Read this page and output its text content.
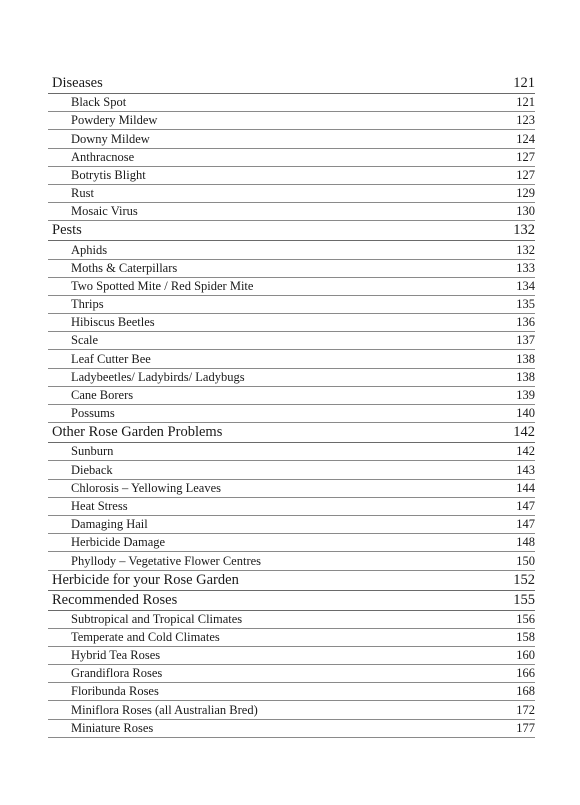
Diseases	121
Black Spot	121
Powdery Mildew	123
Downy Mildew	124
Anthracnose	127
Botrytis Blight	127
Rust	129
Mosaic Virus	130
Pests	132
Aphids	132
Moths & Caterpillars	133
Two Spotted Mite / Red Spider Mite	134
Thrips	135
Hibiscus Beetles	136
Scale	137
Leaf Cutter Bee	138
Ladybeetles/ Ladybirds/ Ladybugs	138
Cane Borers	139
Possums	140
Other Rose Garden Problems	142
Sunburn	142
Dieback	143
Chlorosis – Yellowing Leaves	144
Heat Stress	147
Damaging Hail	147
Herbicide Damage	148
Phyllody – Vegetative Flower Centres	150
Herbicide for your Rose Garden	152
Recommended Roses	155
Subtropical and Tropical Climates	156
Temperate and Cold Climates	158
Hybrid Tea Roses	160
Grandiflora Roses	166
Floribunda Roses	168
Miniflora Roses (all Australian Bred)	172
Miniature Roses	177
